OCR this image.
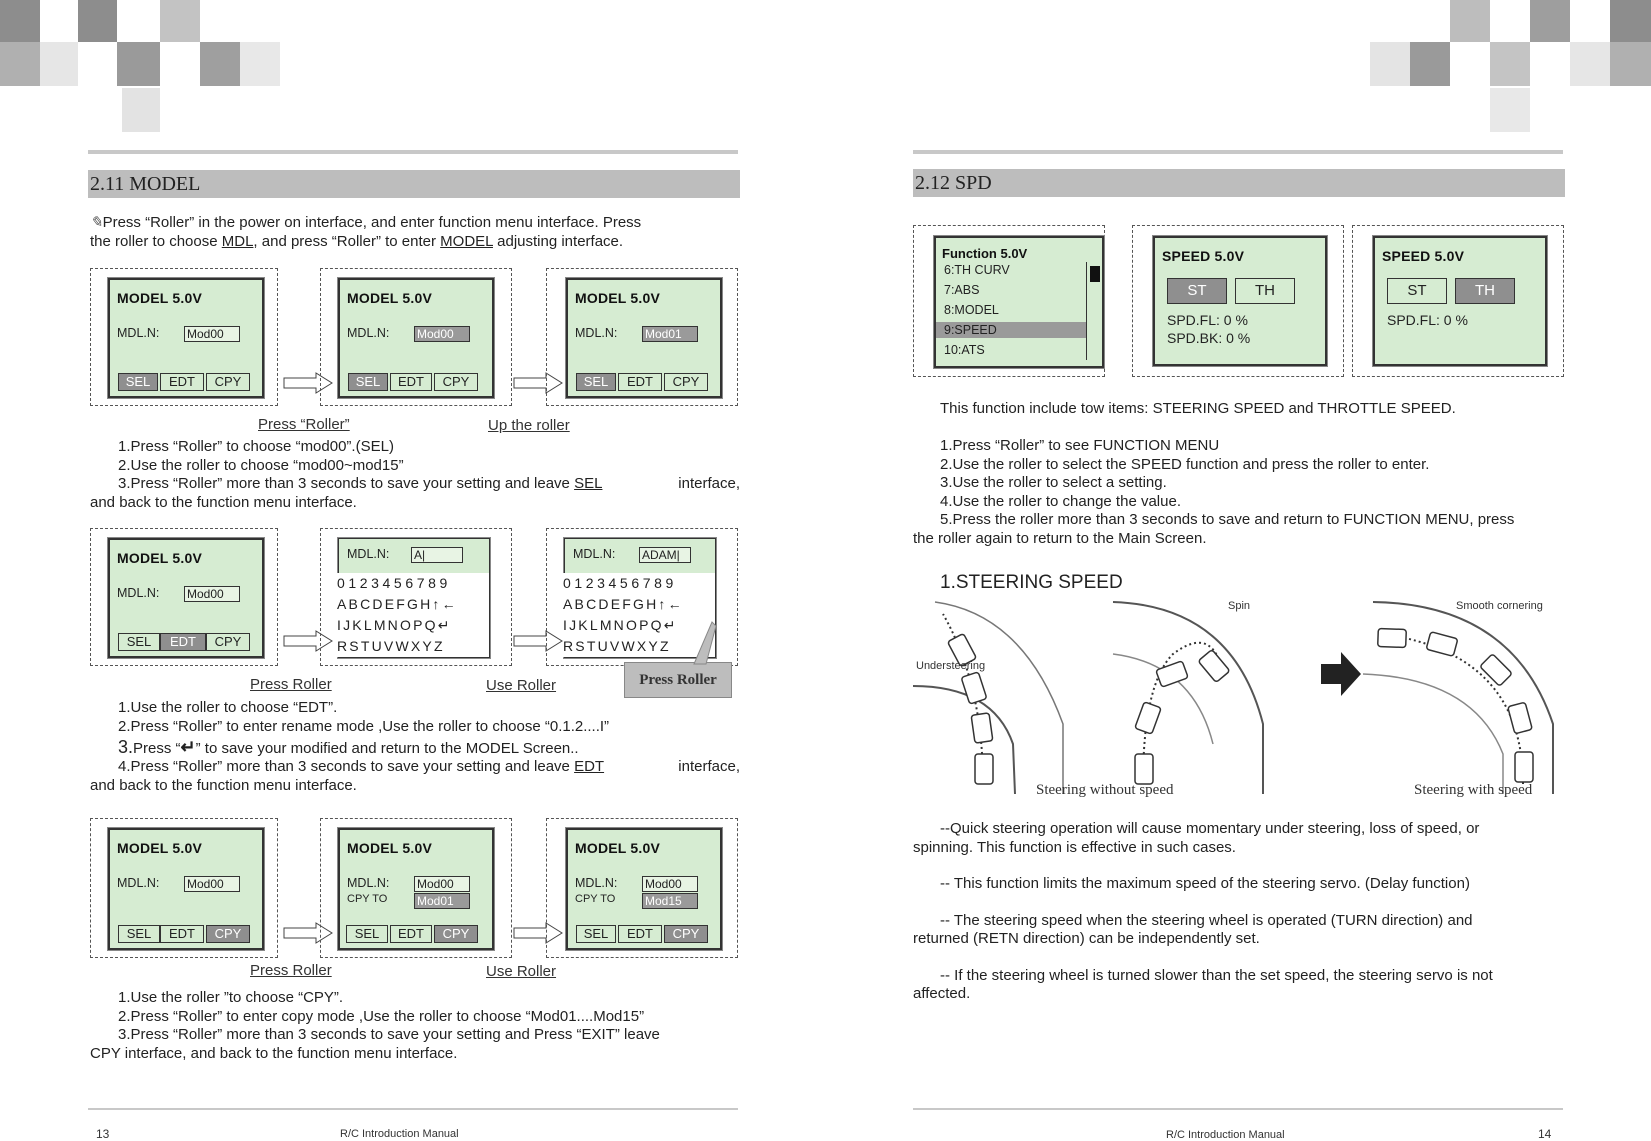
2.11 MODEL
✎Press “Roller” in the power on interface, and enter function menu interface. Press
the roller to choose MDL, and press “Roller” to enter MODEL adjusting interface.
MODEL 5.0V
MDL.N: Mod00
SEL	EDT	CPY
MODEL 5.0V
MDL.N: Mod00
SEL	EDT	CPY
MODEL 5.0V
MDL.N: Mod01
SEL	EDT	CPY
Press “Roller”	Up the roller
1.Press “Roller” to choose “mod00”.(SEL)
2.Use the roller to choose “mod00~mod15”
3.Press “Roller” more than 3 seconds to save your setting and leave SEL	interface,
and back to the function menu interface.
MODEL 5.0V
MDL.N: Mod00
SEL	EDT	CPY
MDL.N: A|
0123456789
ABCDEFGH↑←
IJKLMNOPQ↵
RSTUVWXYZ
MDL.N: ADAM|
0123456789
ABCDEFGH↑←
IJKLMNOPQ↵
RSTUVWXYZ
Press Roller
Press Roller	Use Roller
1.Use the roller to choose “EDT”.
2.Press “Roller” to enter rename mode ,Use the roller to choose “0.1.2....I”
3.Press “↵” to save your modified and return to the MODEL Screen..
4.Press “Roller” more than 3 seconds to save your setting and leave EDT	interface,
and back to the function menu interface.
MODEL 5.0V
MDL.N: Mod00
SEL	EDT	CPY
MODEL 5.0V
MDL.N: Mod00
CPY TO Mod01
SEL	EDT	CPY
MODEL 5.0V
MDL.N: Mod00
CPY TO Mod15
SEL	EDT	CPY
Press Roller	Use Roller
1.Use the roller ”to choose “CPY”.
2.Press “Roller” to enter copy mode ,Use the roller to choose “Mod01....Mod15”
3.Press “Roller” more than 3 seconds to save your setting and Press “EXIT” leave
CPY interface, and back to the function menu interface.
13	R/C Introduction Manual
2.12 SPD
Function 5.0V
6:TH CURV
7:ABS
8:MODEL
9:SPEED
10:ATS
SPEED 5.0V
ST	TH
SPD.FL: 0 %
SPD.BK: 0 %
SPEED 5.0V
ST	TH
SPD.FL: 0 %
This function include tow items: STEERING SPEED and THROTTLE SPEED.
1.Press “Roller” to see FUNCTION MENU
2.Use the roller to select the SPEED function and press the roller to enter.
3.Use the roller to select a setting.
4.Use the roller to change the value.
5.Press the roller more than 3 seconds to save and return to FUNCTION MENU, press
the roller again to return to the Main Screen.
1.STEERING SPEED
Understeering
Spin	Smooth cornering
Steering without speed	Steering with speed
--Quick steering operation will cause momentary under steering, loss of speed, or
spinning. This function is effective in such cases.
-- This function limits the maximum speed of the steering servo. (Delay function)
-- The steering speed when the steering wheel is operated (TURN direction) and
returned (RETN direction) can be independently set.
-- If the steering wheel is turned slower than the set speed, the steering servo is not
affected.
R/C Introduction Manual	14
